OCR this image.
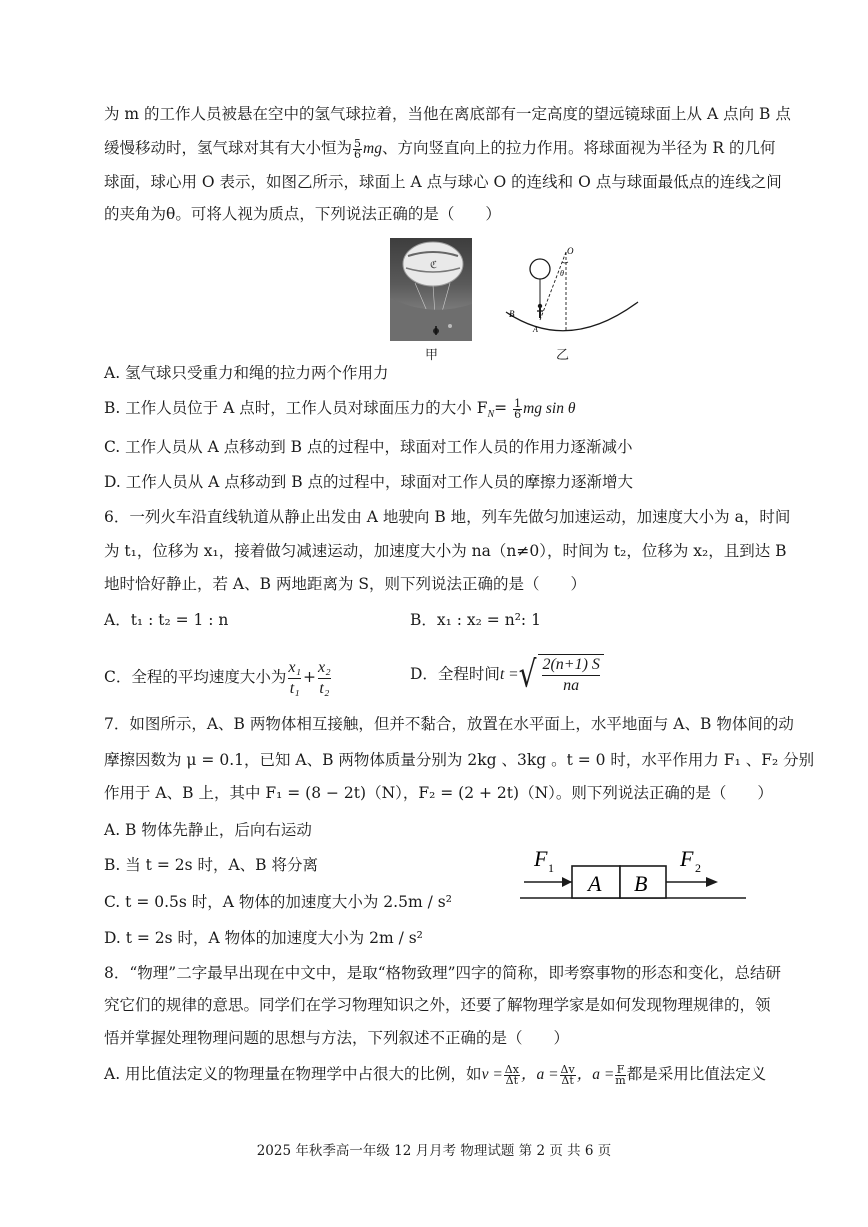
为 m 的工作人员被悬在空中的氢气球拉着，当他在离底部有一定高度的望远镜球面上从 A 点向 B 点
缓慢移动时，氢气球对其有大小恒为 $\frac{5}{6}$ mg、方向竖直向上的拉力作用。将球面视为半径为 R 的几何
球面，球心用 O 表示，如图乙所示，球面上 A 点与球心 O 的连线和 O 点与球面最低点的连线之间
的夹角为θ。可将人视为质点，下列说法正确的是（　　）
ℭ
甲
O
θ
B
A
乙
A. 氢气球只受重力和绳的拉力两个作用力
B. 工作人员位于 A 点时，工作人员对球面压力的大小 $F_N= \frac{1}{6}$ mg sin θ
C. 工作人员从 A 点移动到 B 点的过程中，球面对工作人员的作用力逐渐减小
D. 工作人员从 A 点移动到 B 点的过程中，球面对工作人员的摩擦力逐渐增大
6．一列火车沿直线轨道从静止出发由 A 地驶向 B 地，列车先做匀加速运动，加速度大小为 a，时间
为 t₁，位移为 x₁，接着做匀减速运动，加速度大小为 na（n≠0），时间为 t₂，位移为 x₂，且到达 B
地时恰好静止，若 A、B 两地距离为 S，则下列说法正确的是（　　）
A．t₁ : t₂ = 1 : n	B．x₁ : x₂ = n²: 1
C．全程的平均速度大小为 $\frac{\text{x₁}}{\text{t₁}} + \frac{\text{x₂}}{\text{t₂}}$	D．全程时间t =√ $\frac{2(n+1) S}{na}$
7．如图所示，A、B 两物体相互接触，但并不黏合，放置在水平面上，水平地面与 A、B 物体间的动
摩擦因数为 μ = 0.1，已知 A、B 两物体质量分别为 2kg 、3kg 。t = 0 时，水平作用力 F₁ 、F₂ 分别
作用于 A、B 上，其中 F₁ = (8 − 2t)（N），F₂ = (2 + 2t)（N）。则下列说法正确的是（　　）
A. B 物体先静止，后向右运动
B. 当 t = 2s 时，A、B 将分离
C. t = 0.5s 时，A 物体的加速度大小为 2.5m / s²
D. t = 2s 时，A 物体的加速度大小为 2m / s²
F 1	F 2
A B
8．“物理”二字最早出现在中文中，是取“格物致理”四字的简称，即考察事物的形态和变化，总结研
究它们的规律的意思。同学们在学习物理知识之外，还要了解物理学家是如何发现物理规律的，领
悟并掌握处理物理问题的思想与方法，下列叙述不正确的是（　　）
A. 用比值法定义的物理量在物理学中占很大的比例，如$v = \frac{\Delta x}{\Delta t}$ ，$a = \frac{\Delta v}{\Delta t}$ ，$a = \frac{F}{m}$ 都是采用比值法定义
2025 年秋季高一年级 12 月月考 物理试题 第 2 页 共 6 页
